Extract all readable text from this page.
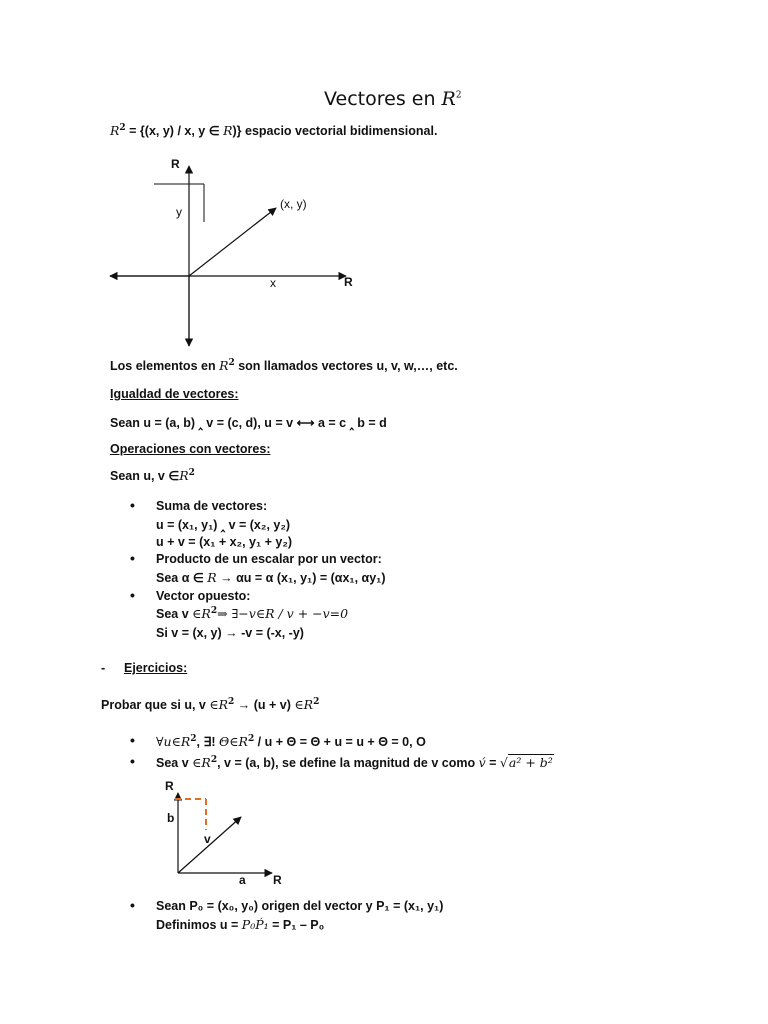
Vectores en $R^2$
$R^2 = \{(x$, y) / x, y ∈ R)} espacio vectorial bidimensional.
R
R
y
x
(x, y)
Los elementos en $R^2$ son llamados vectores u, v, w,…, etc.
Igualdad de vectores:
Sean u = (a, b) ‸ v = (c, d), u = v ⟷ a = c ‸ b = d
Operaciones con vectores:
Sean u, v $\in R^2$
• Suma de vectores:
u = (x₁, y₁) ‸ v = (x₂, y₂)
u + v = (x₁ + x₂, y₁ + y₂)
• Producto de un escalar por un vector:
Sea α ∈ R → αu = α (x₁, y₁) = (αx₁, αy₁)
• Vector opuesto:
Sea v $\in R^2\Rightarrow$ ∃−v∈R / v + −v=0
Si v = (x, y) → -v = (-x, -y)
- Ejercicios:
Probar que si u, v $\in R^2 \to (u + v)$ $\in R^2$
• $\forall u\in R^2$, ∃! $\Theta\in R^2 / u + \Theta = \Theta + u = u + \Theta = 0$, O
• Sea v $\in R^2$, v = (a, b), se define la magnitud de v como v́ = √a² + b²
R
R
b
a
v
• Sean P₀ = (x₀, y₀) origen del vector y P₁ = (x₁, y₁)
Definimos u = P₀Ṕ₁ = P₁ – P₀
